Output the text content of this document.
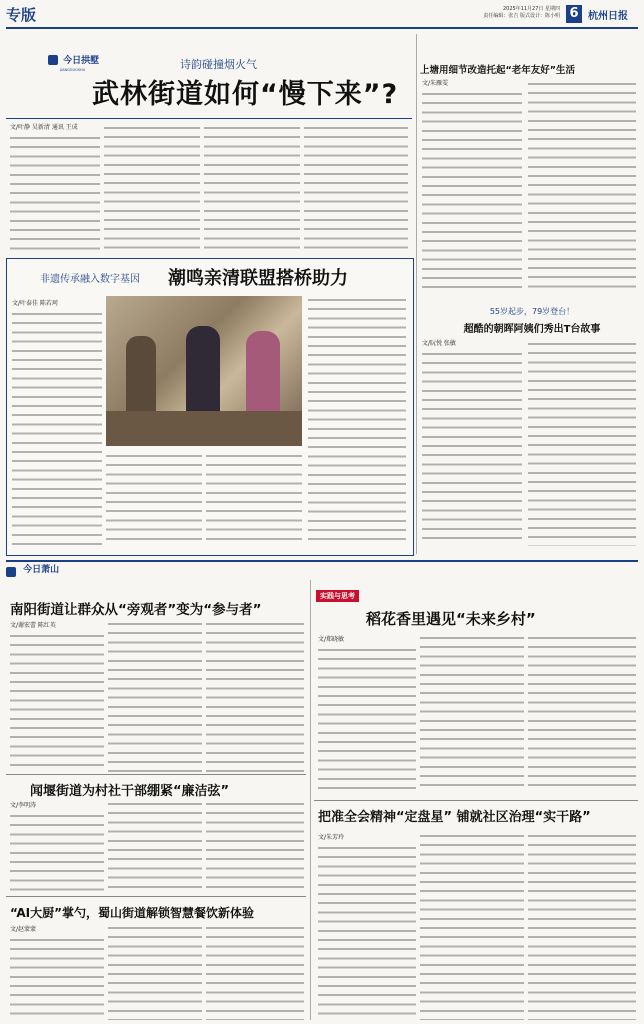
专版	2025年11月27日 星期四
责任编辑：张吉 版式设计：陈小明 6 杭州日报
今日拱墅
JIANGGUOSHU	诗韵碰撞烟火气
武林街道如何“慢下来”?
文/叶静 吴新清 通讯 王成
非遗传承融入数字基因	潮鸣亲清联盟搭桥助力
文/叶泰佳 陈若珂
上塘用细节改造托起“老年友好”生活
文/朱雁雯
55岁起步，79岁登台！
超酷的朝晖阿姨们秀出T台故事
文/阮悦 张敏
$^{今日萧山}$
南阳街道让群众从“旁观者”变为“参与者”
文/谢宏蕾 陈红英
闻堰街道为村社干部绷紧“廉洁弦”
文/李明涛
“AI大厨”掌勺，蜀山街道解锁智慧餐饮新体验
文/赵蒙蒙
实践与思考
稻花香里遇见“未来乡村”
文/郑晓敏
把准全会精神“定盘星” 铺就社区治理“实干路”
文/朱芳玲
